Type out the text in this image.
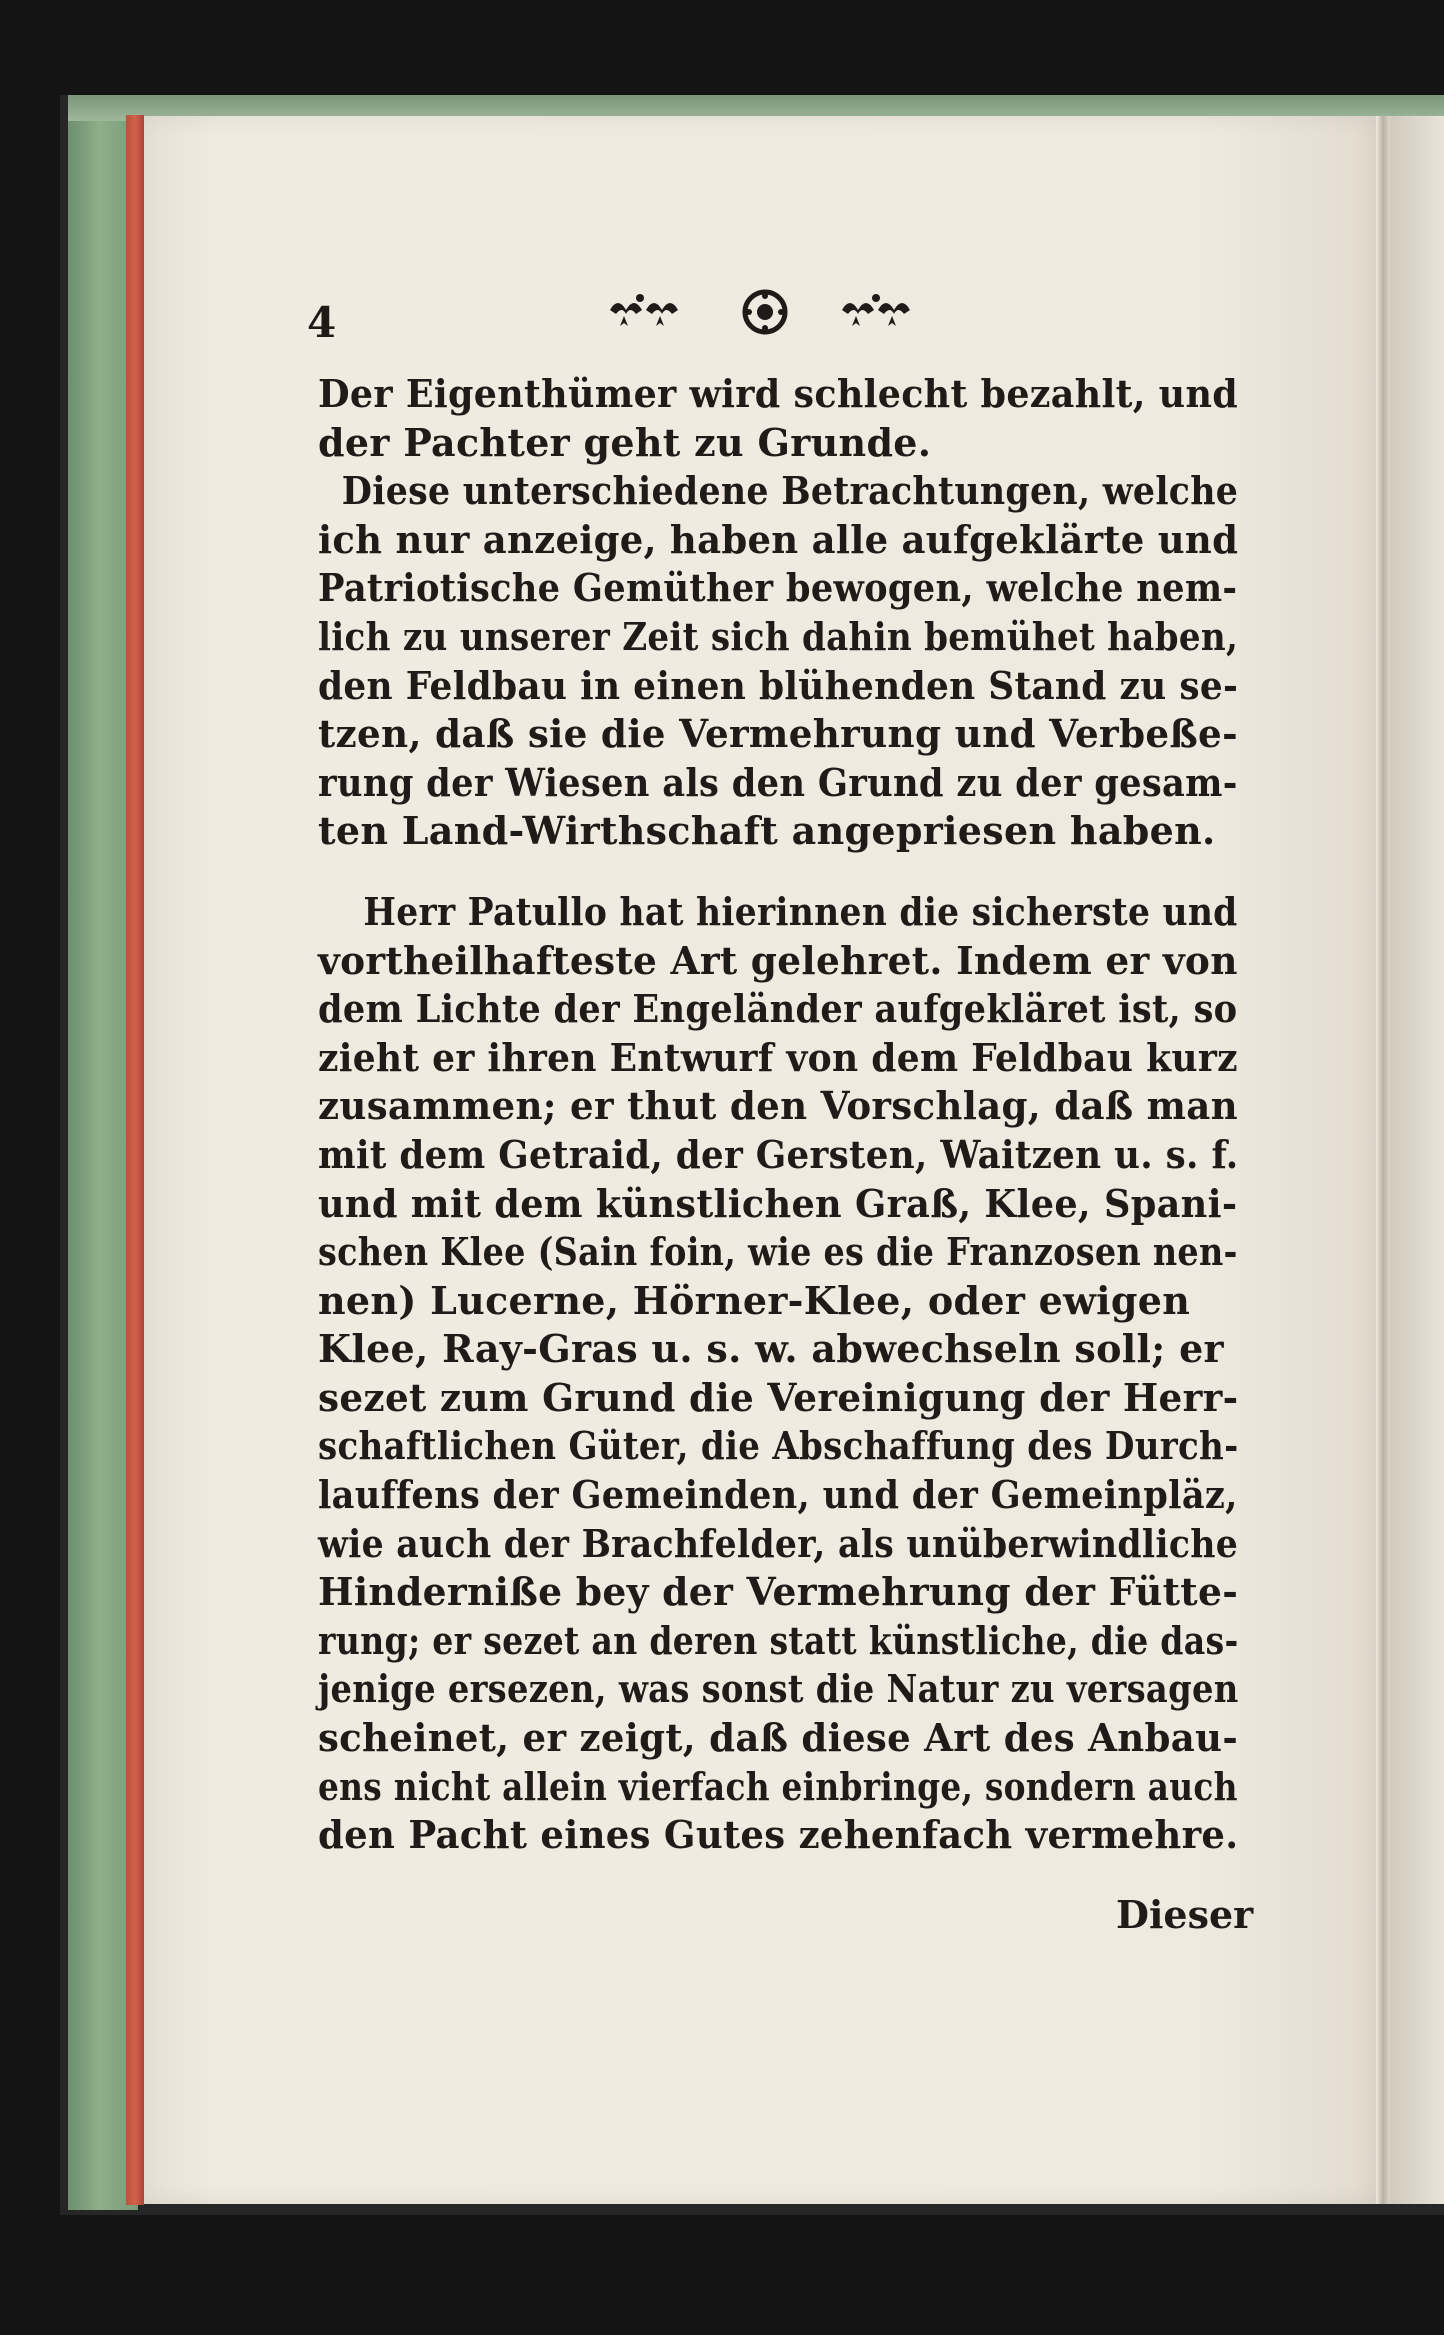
4
Der Eigenthümer wird schlecht bezahlt, und
der Pachter geht zu Grunde.
Diese unterschiedene Betrachtungen, welche
ich nur anzeige, haben alle aufgeklärte und
Patriotische Gemüther bewogen, welche nem-
lich zu unserer Zeit sich dahin bemühet haben,
den Feldbau in einen blühenden Stand zu se-
tzen, daß sie die Vermehrung und Verbeße-
rung der Wiesen als den Grund zu der gesam-
ten Land-Wirthschaft angepriesen haben.
Herr Patullo hat hierinnen die sicherste und
vortheilhafteste Art gelehret. Indem er von
dem Lichte der Engeländer aufgekläret ist, so
zieht er ihren Entwurf von dem Feldbau kurz
zusammen; er thut den Vorschlag, daß man
mit dem Getraid, der Gersten, Waitzen u. s. f.
und mit dem künstlichen Graß, Klee, Spani-
schen Klee (Sain foin, wie es die Franzosen nen-
nen) Lucerne, Hörner-Klee, oder ewigen
Klee, Ray-Gras u. s. w. abwechseln soll; er
sezet zum Grund die Vereinigung der Herr-
schaftlichen Güter, die Abschaffung des Durch-
lauffens der Gemeinden, und der Gemeinpläz,
wie auch der Brachfelder, als unüberwindliche
Hinderniße bey der Vermehrung der Fütte-
rung; er sezet an deren statt künstliche, die das-
jenige ersezen, was sonst die Natur zu versagen
scheinet, er zeigt, daß diese Art des Anbau-
ens nicht allein vierfach einbringe, sondern auch
den Pacht eines Gutes zehenfach vermehre.
Dieser
